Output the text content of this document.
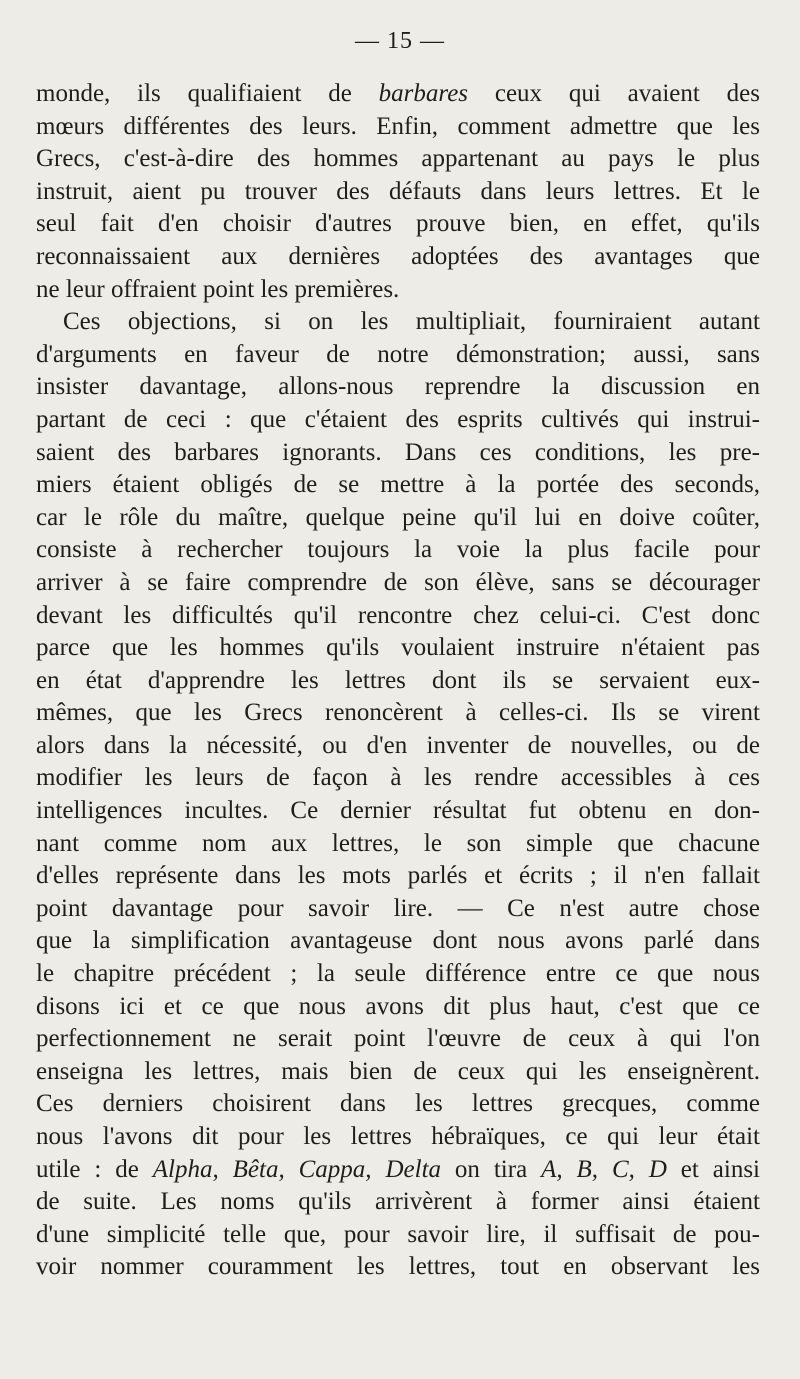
— 15 —
monde, ils qualifiaient de barbares ceux qui avaient des
mœurs différentes des leurs. Enfin, comment admettre que les
Grecs, c'est-à-dire des hommes appartenant au pays le plus
instruit, aient pu trouver des défauts dans leurs lettres. Et le
seul fait d'en choisir d'autres prouve bien, en effet, qu'ils
reconnaissaient aux dernières adoptées des avantages que
ne leur offraient point les premières.
Ces objections, si on les multipliait, fourniraient autant
d'arguments en faveur de notre démonstration; aussi, sans
insister davantage, allons-nous reprendre la discussion en
partant de ceci : que c'étaient des esprits cultivés qui instrui-
saient des barbares ignorants. Dans ces conditions, les pre-
miers étaient obligés de se mettre à la portée des seconds,
car le rôle du maître, quelque peine qu'il lui en doive coûter,
consiste à rechercher toujours la voie la plus facile pour
arriver à se faire comprendre de son élève, sans se décourager
devant les difficultés qu'il rencontre chez celui-ci. C'est donc
parce que les hommes qu'ils voulaient instruire n'étaient pas
en état d'apprendre les lettres dont ils se servaient eux-
mêmes, que les Grecs renoncèrent à celles-ci. Ils se virent
alors dans la nécessité, ou d'en inventer de nouvelles, ou de
modifier les leurs de façon à les rendre accessibles à ces
intelligences incultes. Ce dernier résultat fut obtenu en don-
nant comme nom aux lettres, le son simple que chacune
d'elles représente dans les mots parlés et écrits ; il n'en fallait
point davantage pour savoir lire. — Ce n'est autre chose
que la simplification avantageuse dont nous avons parlé dans
le chapitre précédent ; la seule différence entre ce que nous
disons ici et ce que nous avons dit plus haut, c'est que ce
perfectionnement ne serait point l'œuvre de ceux à qui l'on
enseigna les lettres, mais bien de ceux qui les enseignèrent.
Ces derniers choisirent dans les lettres grecques, comme
nous l'avons dit pour les lettres hébraïques, ce qui leur était
utile : de Alpha, Bêta, Cappa, Delta on tira A, B, C, D et ainsi
de suite. Les noms qu'ils arrivèrent à former ainsi étaient
d'une simplicité telle que, pour savoir lire, il suffisait de pou-
voir nommer couramment les lettres, tout en observant les
